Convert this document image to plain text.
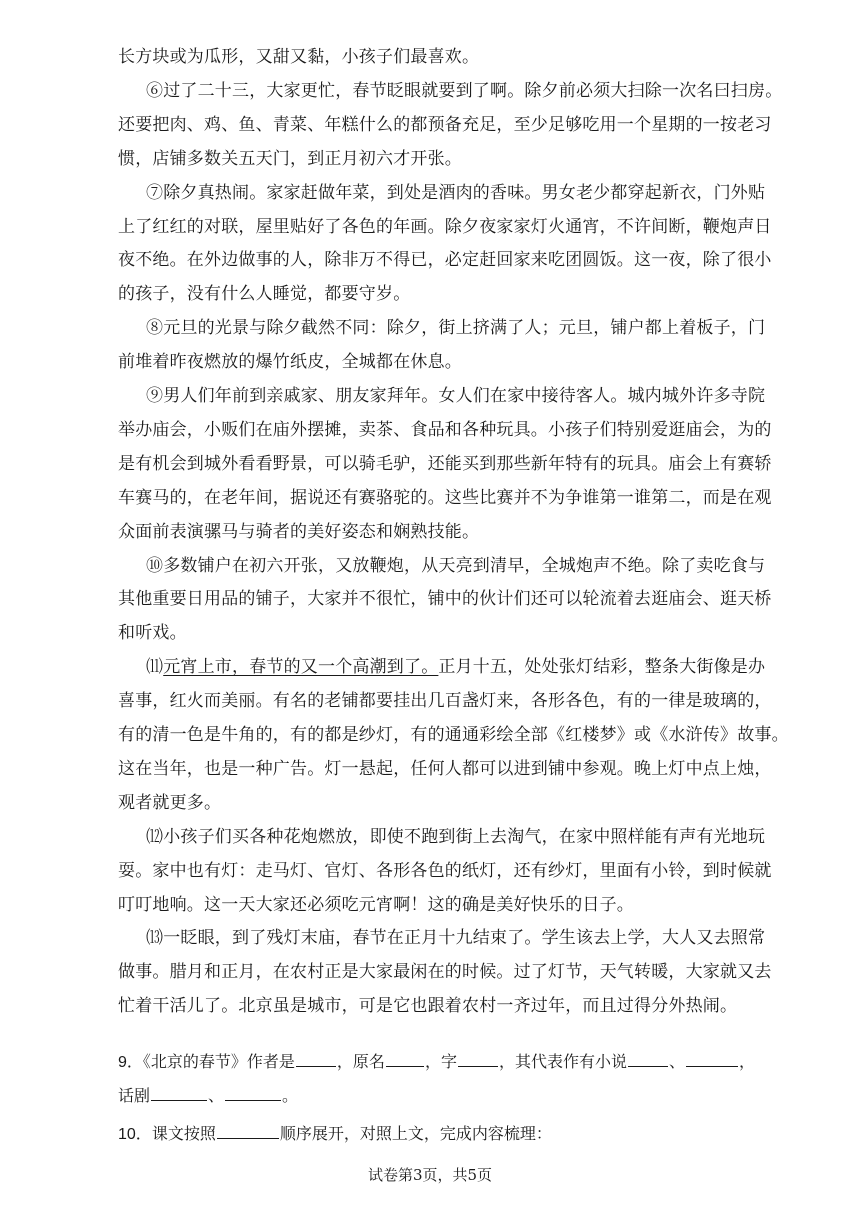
长方块或为瓜形，又甜又黏，小孩子们最喜欢。
⑥过了二十三，大家更忙，春节眨眼就要到了啊。除夕前必须大扫除一次名曰扫房。
还要把肉、鸡、鱼、青菜、年糕什么的都预备充足，至少足够吃用一个星期的一按老习
惯，店铺多数关五天门，到正月初六才开张。
⑦除夕真热闹。家家赶做年菜，到处是酒肉的香味。男女老少都穿起新衣，门外贴
上了红红的对联，屋里贴好了各色的年画。除夕夜家家灯火通宵，不许间断，鞭炮声日
夜不绝。在外边做事的人，除非万不得已，必定赶回家来吃团圆饭。这一夜，除了很小
的孩子，没有什么人睡觉，都要守岁。
⑧元旦的光景与除夕截然不同：除夕，街上挤满了人；元旦，铺户都上着板子，门
前堆着昨夜燃放的爆竹纸皮，全城都在休息。
⑨男人们年前到亲戚家、朋友家拜年。女人们在家中接待客人。城内城外许多寺院
举办庙会，小贩们在庙外摆摊，卖茶、食品和各种玩具。小孩子们特别爱逛庙会，为的
是有机会到城外看看野景，可以骑毛驴，还能买到那些新年特有的玩具。庙会上有赛轿
车赛马的，在老年间，据说还有赛骆驼的。这些比赛并不为争谁第一谁第二，而是在观
众面前表演骡马与骑者的美好姿态和娴熟技能。
⑩多数铺户在初六开张，又放鞭炮，从天亮到清早，全城炮声不绝。除了卖吃食与
其他重要日用品的铺子，大家并不很忙，铺中的伙计们还可以轮流着去逛庙会、逛天桥
和听戏。
⑾元宵上市，春节的又一个高潮到了。正月十五，处处张灯结彩，整条大街像是办
喜事，红火而美丽。有名的老铺都要挂出几百盏灯来，各形各色，有的一律是玻璃的，
有的清一色是牛角的，有的都是纱灯，有的通通彩绘全部《红楼梦》或《水浒传》故事。
这在当年，也是一种广告。灯一悬起，任何人都可以进到铺中参观。晚上灯中点上烛，
观者就更多。
⑿小孩子们买各种花炮燃放，即使不跑到街上去淘气，在家中照样能有声有光地玩
耍。家中也有灯：走马灯、官灯、各形各色的纸灯，还有纱灯，里面有小铃，到时候就
叮叮地响。这一天大家还必须吃元宵啊！这的确是美好快乐的日子。
⒀一眨眼，到了残灯末庙，春节在正月十九结束了。学生该去上学，大人又去照常
做事。腊月和正月，在农村正是大家最闲在的时候。过了灯节，天气转暖，大家就又去
忙着干活儿了。北京虽是城市，可是它也跟着农村一齐过年，而且过得分外热闹。
9．《北京的春节》作者是	，原名	，字	，其代表作有小说	、	，
话剧	、	。
10．课文按照	顺序展开，对照上文，完成内容梳理：
试卷第3页，共5页
